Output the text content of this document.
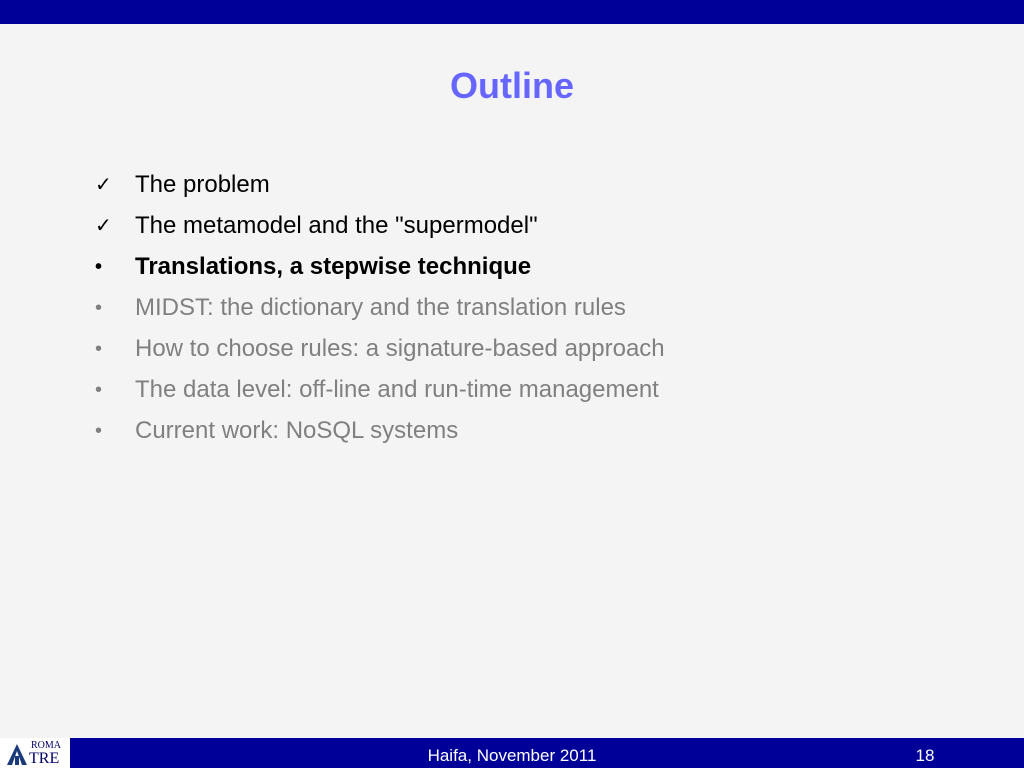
Outline
✓ The problem
✓ The metamodel and the "supermodel"
•	Translations, a stepwise technique
•	MIDST: the dictionary and the translation rules
•	How to choose rules: a signature-based approach
•	The data level: off-line and run-time management
•	Current work: NoSQL systems
ROMA
TRE	Haifa, November 2011	18
